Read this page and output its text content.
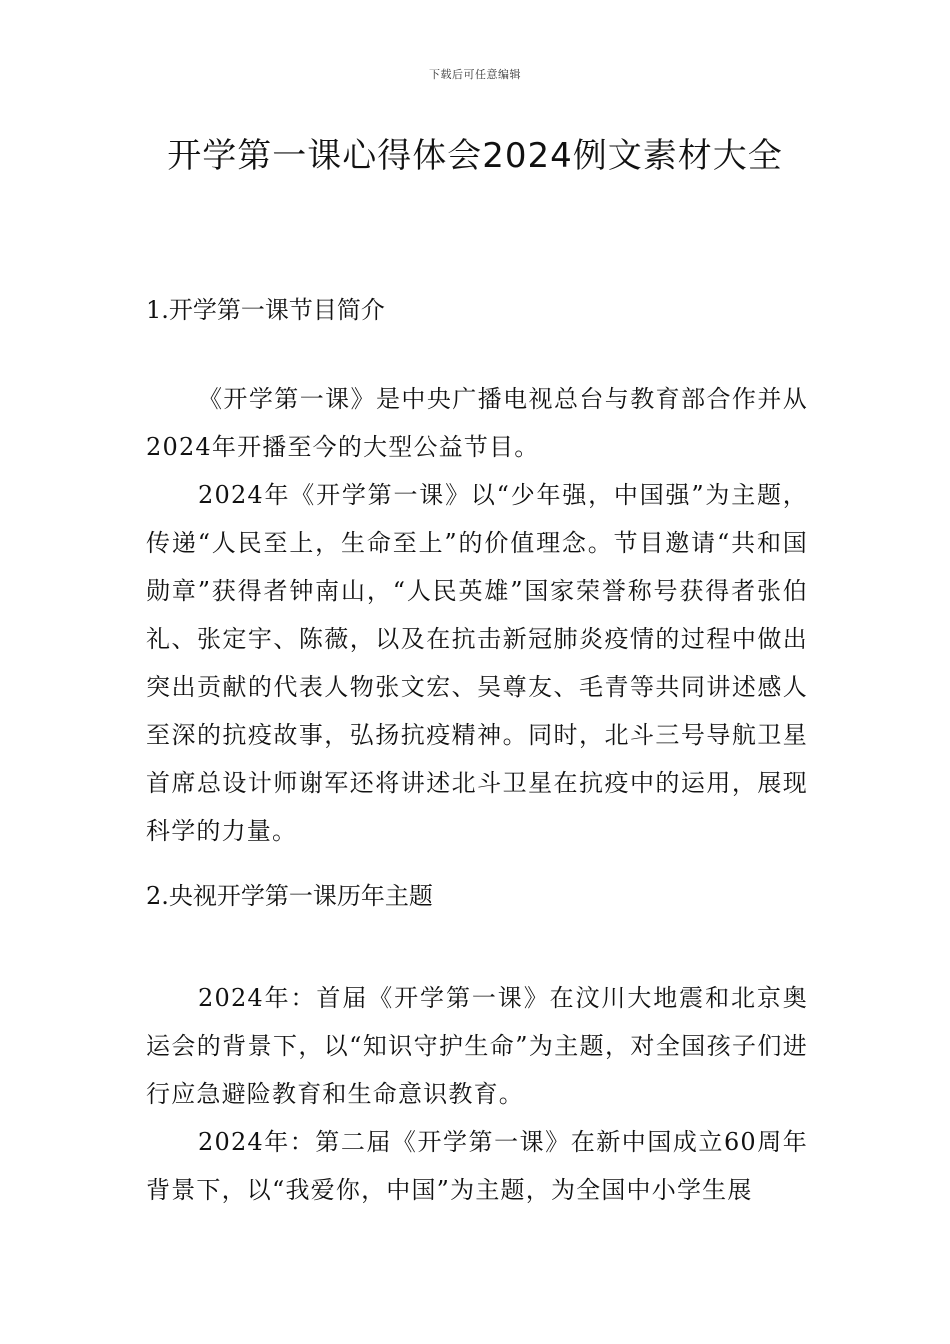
下载后可任意编辑
开学第一课心得体会2024例文素材大全
1.开学第一课节目简介

《开学第一课》是中央广播电视总台与教育部合作并从2024年开播至今的大型公益节目。

2024年《开学第一课》以“少年强，中国强”为主题，传递“人民至上，生命至上”的价值理念。节目邀请“共和国勋章”获得者钟南山，“人民英雄”国家荣誉称号获得者张伯礼、张定宇、陈薇，以及在抗击新冠肺炎疫情的过程中做出突出贡献的代表人物张文宏、吴尊友、毛青等共同讲述感人至深的抗疫故事，弘扬抗疫精神。同时，北斗三号导航卫星首席总设计师谢军还将讲述北斗卫星在抗疫中的运用，展现科学的力量。

2.央视开学第一课历年主题

2024年：首届《开学第一课》在汶川大地震和北京奥运会的背景下，以“知识守护生命”为主题，对全国孩子们进行应急避险教育和生命意识教育。

2024年：第二届《开学第一课》在新中国成立60周年背景下，以“我爱你，中国”为主题，为全国中小学生展
